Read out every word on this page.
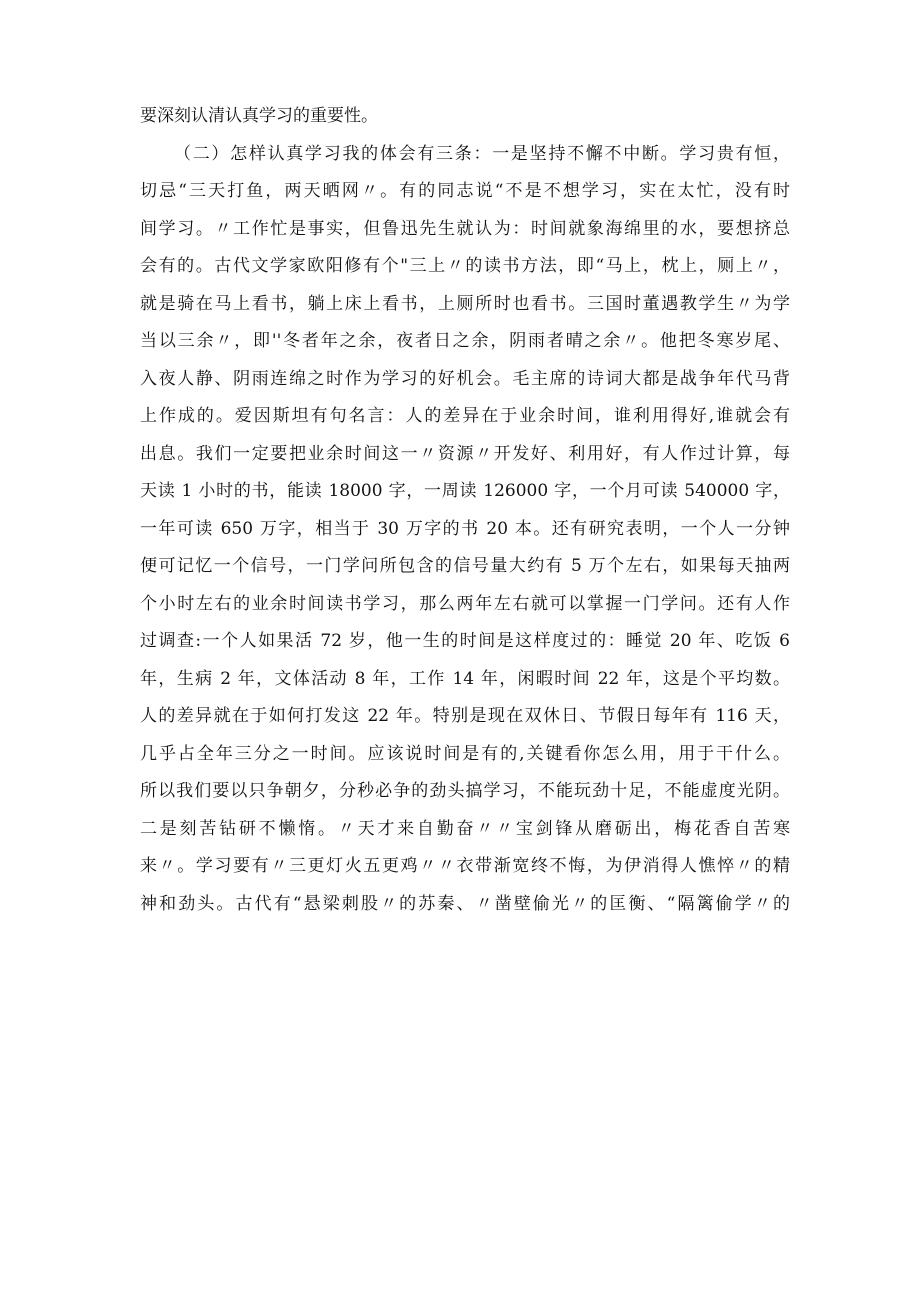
要深刻认清认真学习的重要性。
（二）怎样认真学习我的体会有三条：一是坚持不懈不中断。学习贵有恒，
切忌“三天打鱼，两天晒网〃。有的同志说“不是不想学习，实在太忙，没有时
间学习。〃工作忙是事实，但鲁迅先生就认为：时间就象海绵里的水，要想挤总
会有的。古代文学家欧阳修有个"三上〃的读书方法，即“马上，枕上，厕上〃，
就是骑在马上看书，躺上床上看书，上厕所时也看书。三国时董遇教学生〃为学
当以三余〃，即''冬者年之余，夜者日之余，阴雨者晴之余〃。他把冬寒岁尾、
入夜人静、阴雨连绵之时作为学习的好机会。毛主席的诗词大都是战争年代马背
上作成的。爱因斯坦有句名言：人的差异在于业余时间，谁利用得好,谁就会有
出息。我们一定要把业余时间这一〃资源〃开发好、利用好，有人作过计算，每
天读 1 小时的书，能读 18000 字，一周读 126000 字，一个月可读 540000 字，
一年可读 650 万字，相当于 30 万字的书 20 本。还有研究表明，一个人一分钟
便可记忆一个信号，一门学问所包含的信号量大约有 5 万个左右，如果每天抽两
个小时左右的业余时间读书学习，那么两年左右就可以掌握一门学问。还有人作
过调查:一个人如果活 72 岁，他一生的时间是这样度过的：睡觉 20 年、吃饭 6
年，生病 2 年，文体活动 8 年，工作 14 年，闲暇时间 22 年，这是个平均数。
人的差异就在于如何打发这 22 年。特别是现在双休日、节假日每年有 116 天，
几乎占全年三分之一时间。应该说时间是有的,关键看你怎么用，用于干什么。
所以我们要以只争朝夕，分秒必争的劲头搞学习，不能玩劲十足，不能虚度光阴。
二是刻苦钻研不懒惰。〃天才来自勤奋〃〃宝剑锋从磨砺出，梅花香自苦寒
来〃。学习要有〃三更灯火五更鸡〃〃衣带渐宽终不悔，为伊消得人憔悴〃的精
神和劲头。古代有“悬梁刺股〃的苏秦、〃凿壁偷光〃的匡衡、“隔篱偷学〃的
